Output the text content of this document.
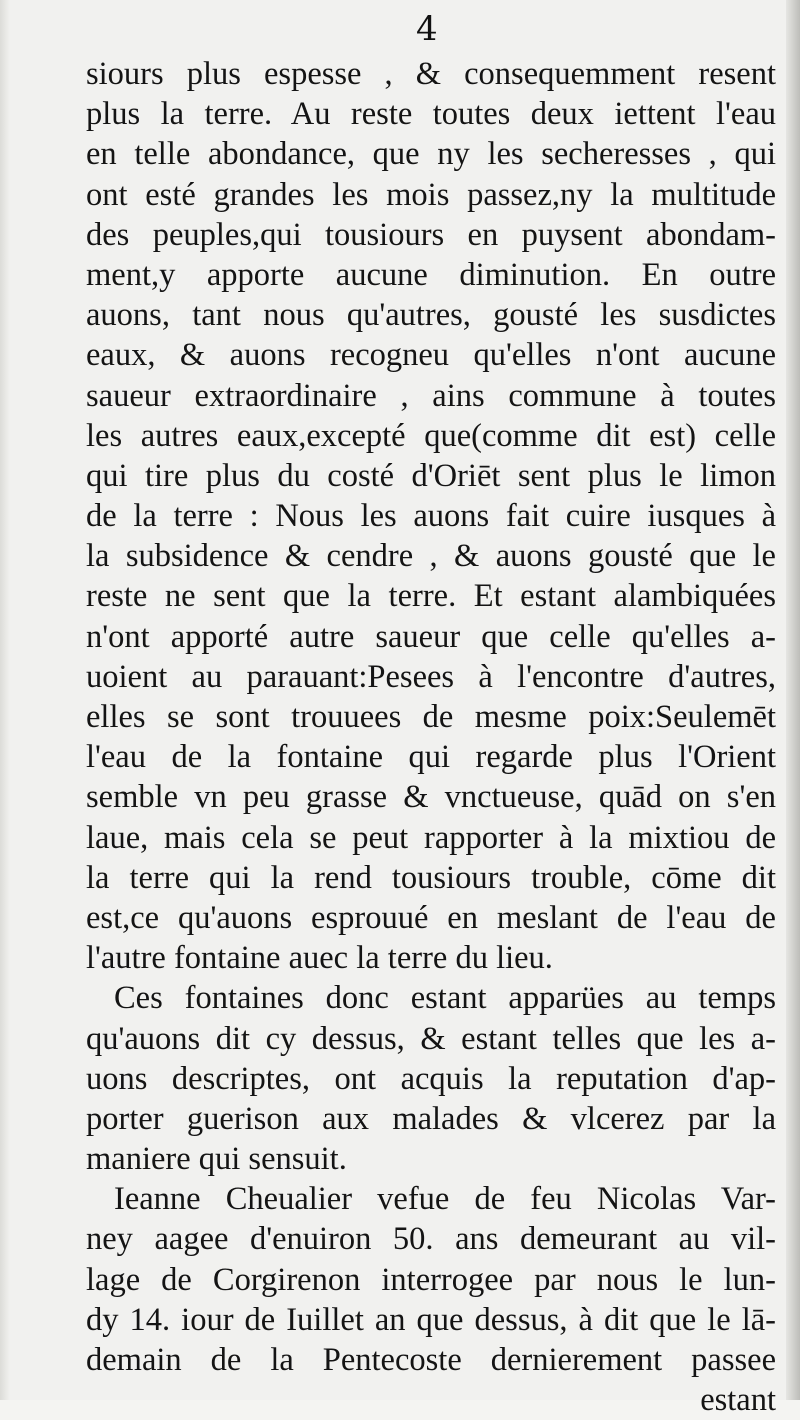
4
siours plus espesse , & consequemment resent
plus la terre. Au reste toutes deux iettent l'eau
en telle abondance, que ny les secheresses , qui
ont esté grandes les mois passez,ny la multitude
des peuples,qui tousiours en puysent abondam-
ment,y apporte aucune diminution. En outre
auons, tant nous qu'autres, gousté les susdictes
eaux, & auons recogneu qu'elles n'ont aucune
saueur extraordinaire , ains commune à toutes
les autres eaux,excepté que(comme dit est) celle
qui tire plus du costé d'Oriēt sent plus le limon
de la terre : Nous les auons fait cuire iusques à
la subsidence & cendre , & auons gousté que le
reste ne sent que la terre. Et estant alambiquées
n'ont apporté autre saueur que celle qu'elles a-
uoient au parauant:Pesees à l'encontre d'autres,
elles se sont trouuees de mesme poix:Seulemēt
l'eau de la fontaine qui regarde plus l'Orient
semble vn peu grasse & vnctueuse, quād on s'en
laue, mais cela se peut rapporter à la mixtiou de
la terre qui la rend tousiours trouble, cōme dit
est,ce qu'auons esprouué en meslant de l'eau de
l'autre fontaine auec la terre du lieu.
Ces fontaines donc estant apparües au temps
qu'auons dit cy dessus, & estant telles que les a-
uons descriptes, ont acquis la reputation d'ap-
porter guerison aux malades & vlcerez par la
maniere qui sensuit.
Ieanne Cheualier vefue de feu Nicolas Var-
ney aagee d'enuiron 50. ans demeurant au vil-
lage de Corgirenon interrogee par nous le lun-
dy 14. iour de Iuillet an que dessus, à dit que le lā-
demain de la Pentecoste dernierement passee
estant
